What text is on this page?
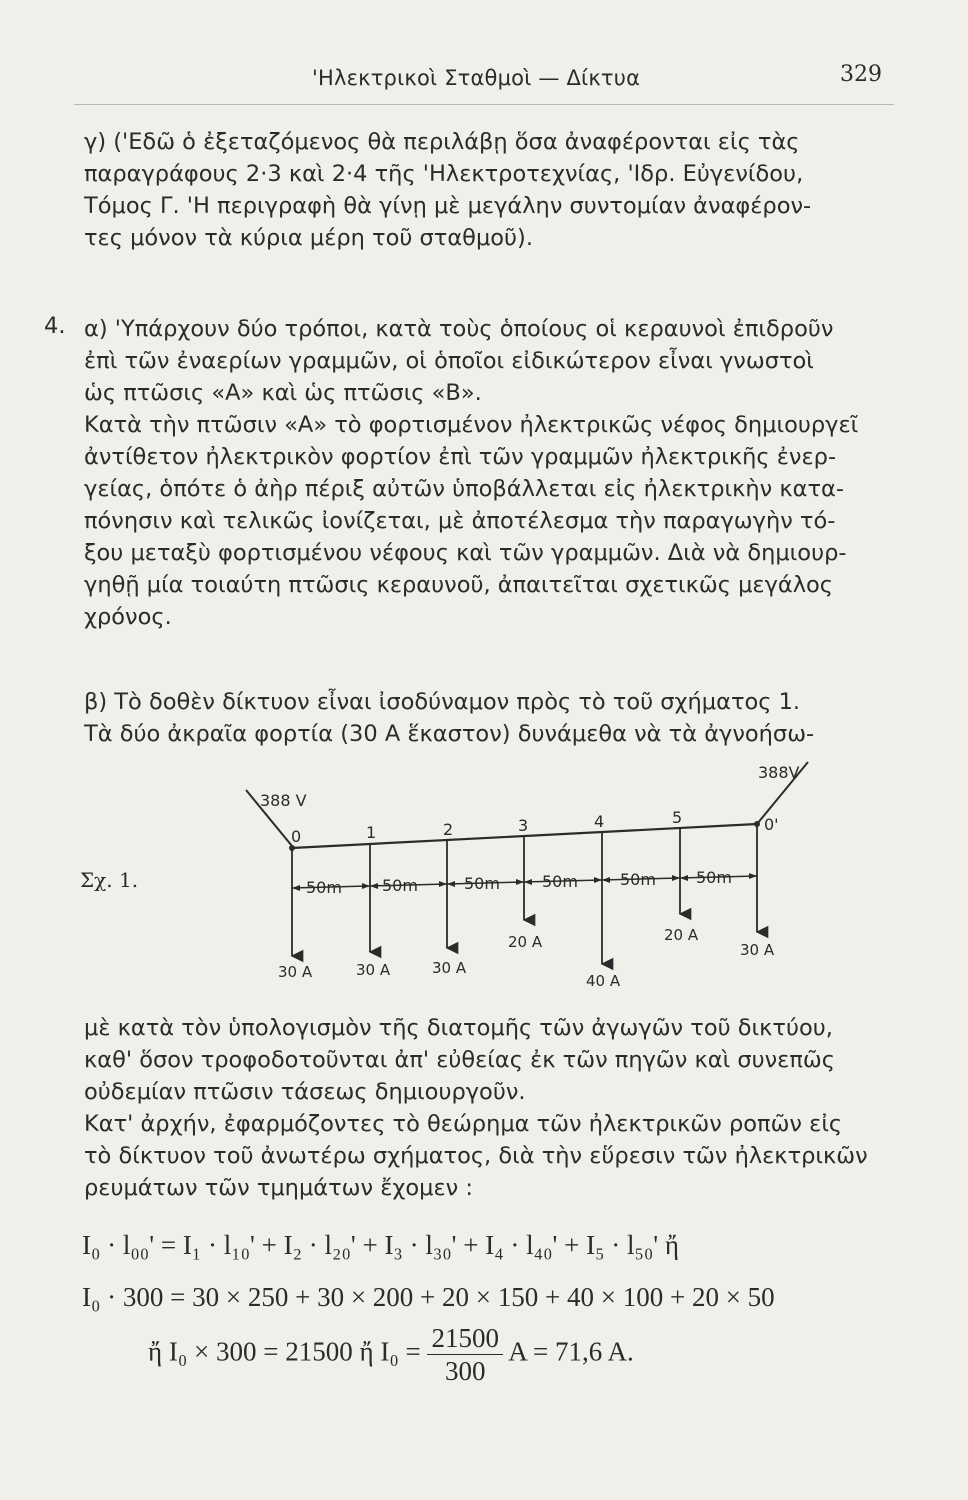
'Ηλεκτρικοὶ Σταθμοὶ — Δίκτυα	329
γ) ('Εδῶ ὁ ἐξεταζόμενος θὰ περιλάβῃ ὅσα ἀναφέρονται εἰς τὰς
παραγράφους 2·3 καὶ 2·4 τῆς 'Ηλεκτροτεχνίας, 'Ιδρ. Εὐγενίδου,
Τόμος Γ. 'Η περιγραφὴ θὰ γίνῃ μὲ μεγάλην συντομίαν ἀναφέρον-
τες μόνον τὰ κύρια μέρη τοῦ σταθμοῦ).
4. α) 'Υπάρχουν δύο τρόποι, κατὰ τοὺς ὁποίους οἱ κεραυνοὶ ἐπιδροῦν
ἐπὶ τῶν ἐναερίων γραμμῶν, οἱ ὁποῖοι εἰδικώτερον εἶναι γνωστοὶ
ὡς πτῶσις «Α» καὶ ὡς πτῶσις «Β».
Κατὰ τὴν πτῶσιν «Α» τὸ φορτισμένον ἠλεκτρικῶς νέφος δημιουργεῖ
ἀντίθετον ἠλεκτρικὸν φορτίον ἐπὶ τῶν γραμμῶν ἠλεκτρικῆς ἐνερ-
γείας, ὁπότε ὁ ἀὴρ πέριξ αὐτῶν ὑποβάλλεται εἰς ἠλεκτρικὴν κατα-
πόνησιν καὶ τελικῶς ἰονίζεται, μὲ ἀποτέλεσμα τὴν παραγωγὴν τό-
ξου μεταξὺ φορτισμένου νέφους καὶ τῶν γραμμῶν. Διὰ νὰ δημιουρ-
γηθῇ μία τοιαύτη πτῶσις κεραυνοῦ, ἀπαιτεῖται σχετικῶς μεγάλος
χρόνος.
β) Τὸ δοθὲν δίκτυον εἶναι ἰσοδύναμον πρὸς τὸ τοῦ σχήματος 1.
Τὰ δύο ἀκραῖα φορτία (30 Α ἕκαστον) δυνάμεθα νὰ τὰ ἀγνοήσω-
Σχ. 1.
388 V
388V
0	1	2	3	4	5	0'
50m	50m	50m	50m	50m	50m
30 A	30 A	30 A
20 A
40 A
20 A
30 A
μὲ κατὰ τὸν ὑπολογισμὸν τῆς διατομῆς τῶν ἀγωγῶν τοῦ δικτύου,
καθ' ὅσον τροφοδοτοῦνται ἀπ' εὐθείας ἐκ τῶν πηγῶν καὶ συνεπῶς
οὐδεμίαν πτῶσιν τάσεως δημιουργοῦν.
Κατ' ἀρχήν, ἐφαρμόζοντες τὸ θεώρημα τῶν ἠλεκτρικῶν ροπῶν εἰς
τὸ δίκτυον τοῦ ἀνωτέρω σχήματος, διὰ τὴν εὕρεσιν τῶν ἠλεκτρικῶν
ρευμάτων τῶν τμημάτων ἔχομεν :
I₀ · l₀₀' = I₁ · l₁₀' + I₂ · l₂₀' + I₃ · l₃₀' + I₄ · l₄₀' + I₅ · l₅₀' ἤ
I₀ · 300 = 30 × 250 + 30 × 200 + 20 × 150 + 40 × 100 + 20 × 50
ἤ I₀ × 300 = 21500 ἤ $I_0 = \frac{21500}{300}$ A = 71,6 A.
